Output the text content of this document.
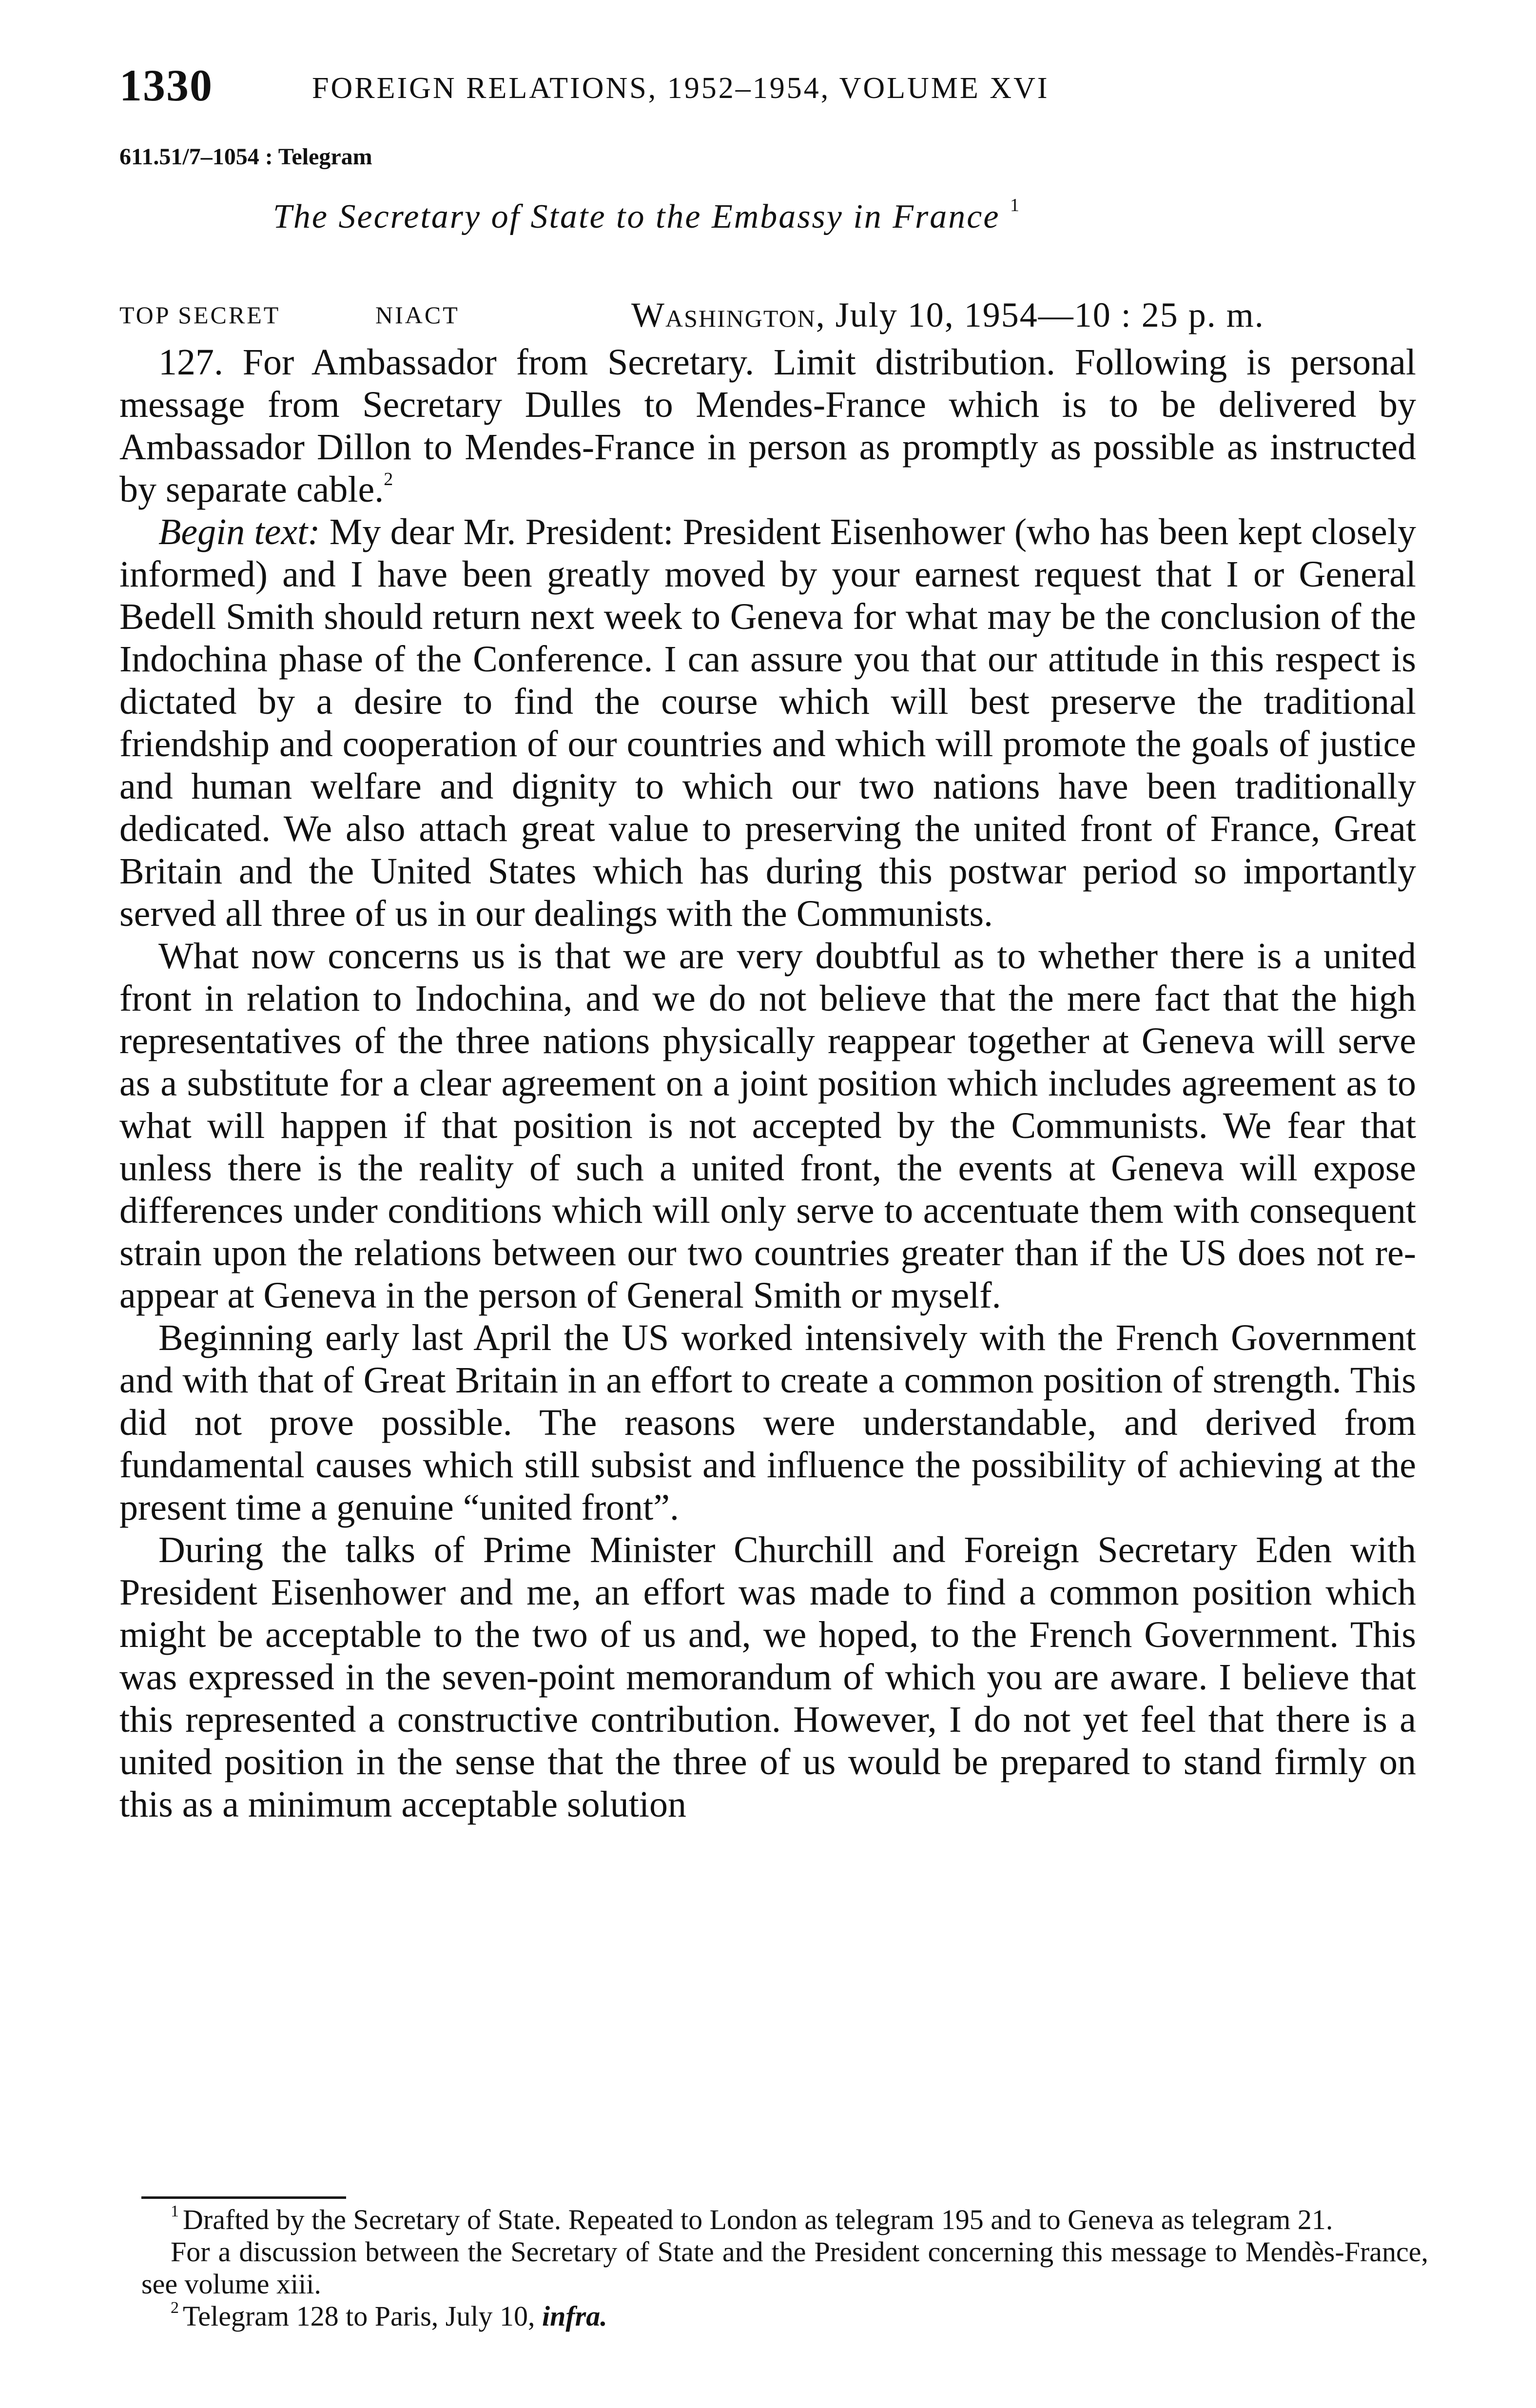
1330	FOREIGN RELATIONS, 1952–1954, VOLUME XVI
611.51/7–1054 : Telegram
The Secretary of State to the Embassy in France $^1$
TOP SECRET	NIACT	Washington, July 10, 1954—10 : 25 p. m.

127. For Ambassador from Secretary. Limit distribution. Following is personal message from Secretary Dulles to Mendes-France which is to be delivered by Ambassador Dillon to Mendes-France in person as promptly as possible as instructed by separate cable.$^2$

Begin text: My dear Mr. President: President Eisenhower (who has been kept closely informed) and I have been greatly moved by your earnest request that I or General Bedell Smith should return next week to Geneva for what may be the conclusion of the Indochina phase of the Conference. I can assure you that our attitude in this respect is dictated by a desire to find the course which will best preserve the traditional friendship and cooperation of our countries and which will promote the goals of justice and human welfare and dignity to which our two nations have been traditionally dedicated. We also attach great value to preserving the united front of France, Great Britain and the United States which has during this postwar period so importantly served all three of us in our dealings with the Communists.

What now concerns us is that we are very doubtful as to whether there is a united front in relation to Indochina, and we do not believe that the mere fact that the high representatives of the three nations physically reappear together at Geneva will serve as a substitute for a clear agreement on a joint position which includes agreement as to what will happen if that position is not accepted by the Communists. We fear that unless there is the reality of such a united front, the events at Geneva will expose differences under conditions which will only serve to accentuate them with consequent strain upon the relations between our two countries greater than if the US does not reappear at Geneva in the person of General Smith or myself.

Beginning early last April the US worked intensively with the French Government and with that of Great Britain in an effort to create a common position of strength. This did not prove possible. The reasons were understandable, and derived from fundamental causes which still subsist and influence the possibility of achieving at the present time a genuine “united front”.

During the talks of Prime Minister Churchill and Foreign Secretary Eden with President Eisenhower and me, an effort was made to find a common position which might be acceptable to the two of us and, we hoped, to the French Government. This was expressed in the seven-point memorandum of which you are aware. I believe that this represented a constructive contribution. However, I do not yet feel that there is a united position in the sense that the three of us would be prepared to stand firmly on this as a minimum acceptable solution

$^1$ Drafted by the Secretary of State. Repeated to London as telegram 195 and to Geneva as telegram 21.

For a discussion between the Secretary of State and the President concerning this message to Mendès-France, see volume xiii.

$^2$ Telegram 128 to Paris, July 10, infra.
